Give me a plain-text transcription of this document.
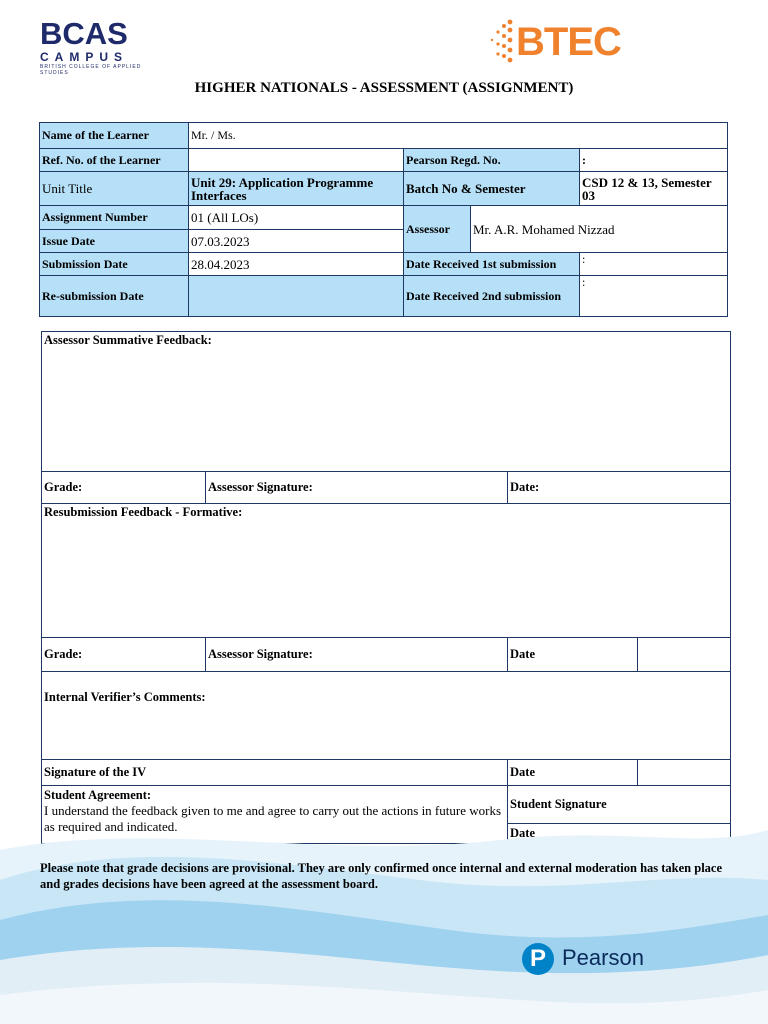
BCAS
CAMPUS
BRITISH COLLEGE OF APPLIED STUDIES
BTEC
HIGHER NATIONALS - ASSESSMENT (ASSIGNMENT)
Name of the Learner	Mr. / Ms.			
Ref. No. of the Learner		Pearson Regd. No.		:
Unit Title	Unit 29: Application Programme Interfaces	Batch No & Semester		CSD 12 & 13, Semester 03
Assignment Number	01 (All LOs)	Assessor	Mr. A.R. Mohamed Nizzad	
Issue Date	07.03.2023			
Submission Date	28.04.2023	Date Received 1st submission		:
Re-submission Date		Date Received 2nd submission		:
Assessor Summative Feedback:			
Grade:	Assessor Signature:	Date:	
Resubmission Feedback - Formative:			
Grade:	Assessor Signature:	Date	
Internal Verifier’s Comments:			
Signature of the IV		Date	

Student Agreement:
I understand the feedback given to me and agree to carry out the actions in future works as required and indicated.		Student Signature	
		Date	
Please note that grade decisions are provisional. They are only confirmed once internal and external moderation has taken place and grades decisions have been agreed at the assessment board.
P Pearson
